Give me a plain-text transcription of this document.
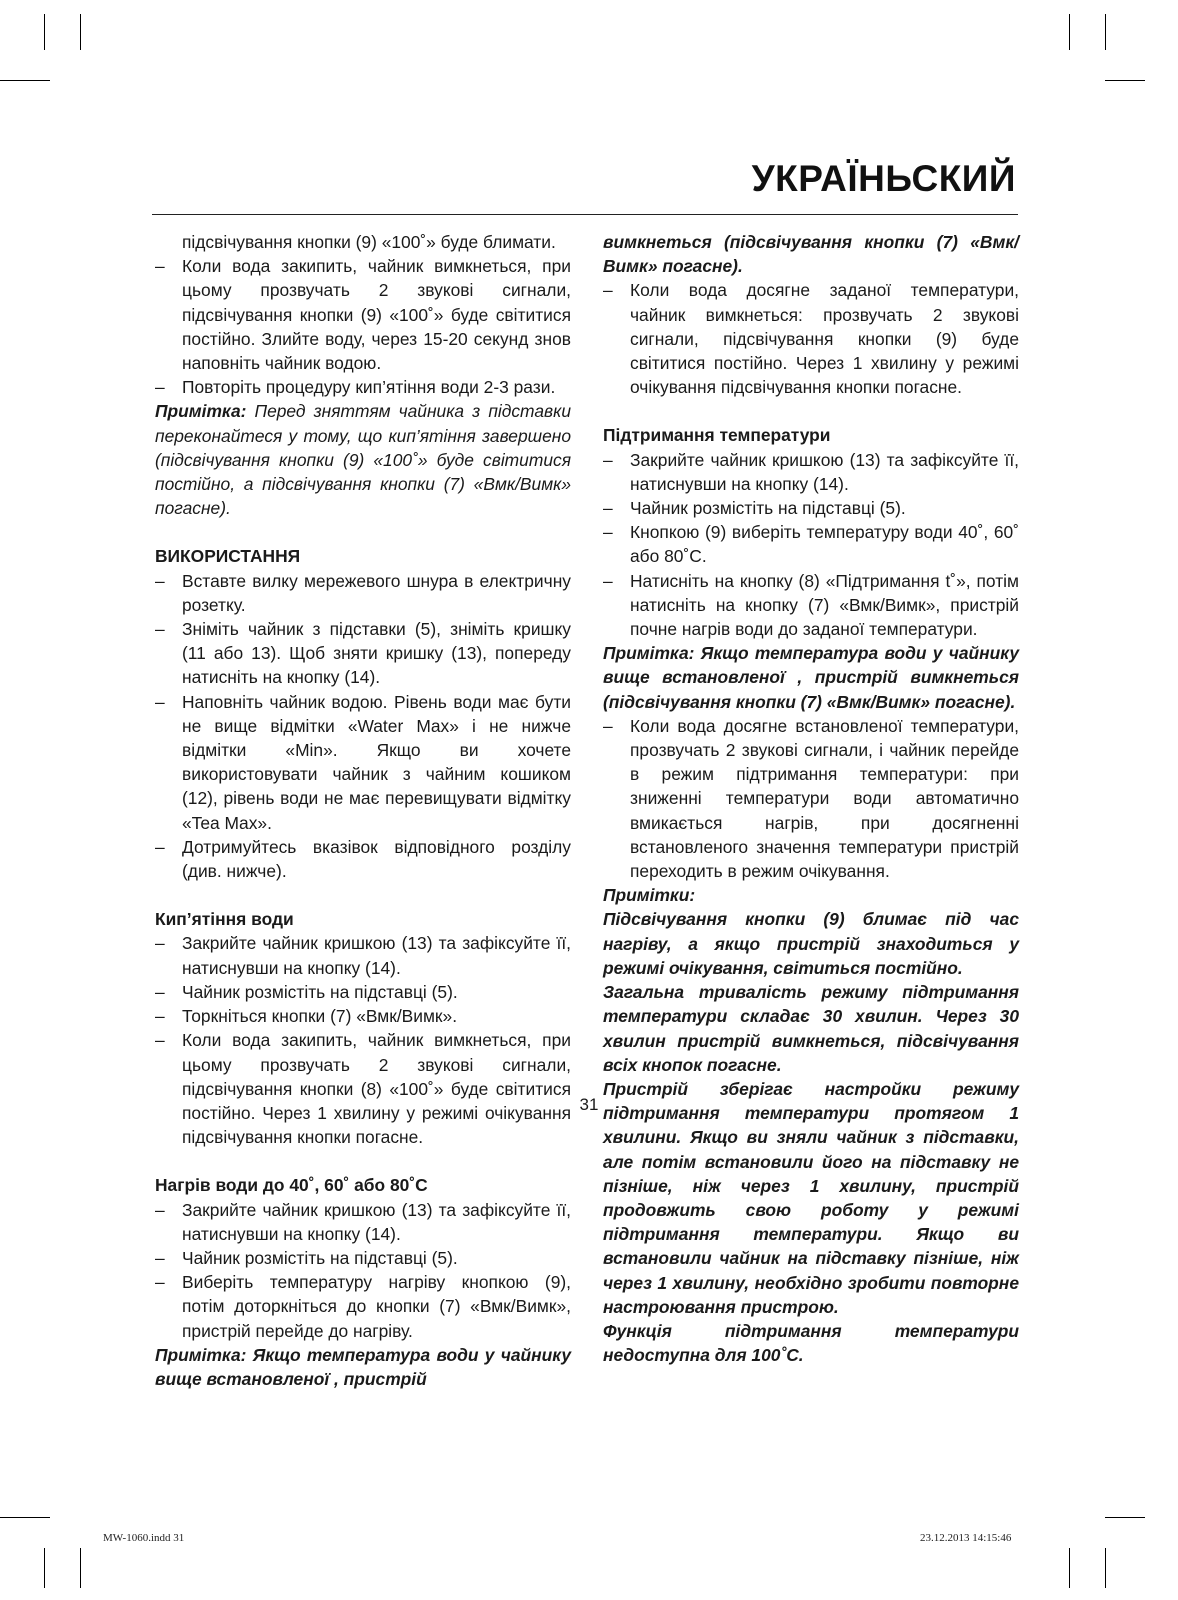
УКРАЇНЬСКИЙ

підсвічування кнопки (9) «100˚» буде блимати.

– Коли вода закипить, чайник вимкнеться, при цьому прозвучать 2 звукові сигнали, підсвічування кнопки (9) «100˚» буде світитися постійно. Злийте воду, через 15-20 секунд знов наповніть чайник водою.

– Повторіть процедуру кип’ятіння води 2-3 рази.

Примітка: Перед зняттям чайника з підставки переконайтеся у тому, що кип’ятіння завершено (підсвічування кнопки (9) «100˚» буде світитися постійно, а підсвічування кнопки (7) «Вмк/Вимк» погасне).

ВИКОРИСТАННЯ

– Вставте вилку мережевого шнура в електричну розетку.

– Зніміть чайник з підставки (5), зніміть кришку (11 або 13). Щоб зняти кришку (13), попереду натисніть на кнопку (14).

– Наповніть чайник водою. Рівень води має бути не вище відмітки «Water Max» і не нижче відмітки «Min». Якщо ви хочете використовувати чайник з чайним кошиком (12), рівень води не має перевищувати відмітку «Tea Max».

– Дотримуйтесь вказівок відповідного розділу (див. нижче).

Кип’ятіння води

– Закрийте чайник кришкою (13) та зафіксуйте її, натиснувши на кнопку (14).

– Чайник розмістіть на підставці (5).

– Торкніться кнопки (7) «Вмк/Вимк».

– Коли вода закипить, чайник вимкнеться, при цьому прозвучать 2 звукові сигнали, підсвічування кнопки (8) «100˚» буде світитися постійно. Через 1 хвилину у режимі очікування підсвічування кнопки погасне.

Нагрів води до 40˚, 60˚ або 80˚С

– Закрийте чайник кришкою (13) та зафіксуйте її, натиснувши на кнопку (14).

– Чайник розмістіть на підставці (5).

– Виберіть температуру нагріву кнопкою (9), потім доторкніться до кнопки (7) «Вмк/Вимк», пристрій перейде до нагріву.

Примітка: Якщо температура води у чайнику вище встановленої , пристрій

вимкнеться (підсвічування кнопки (7) «Вмк/Вимк» погасне).

– Коли вода досягне заданої температури, чайник вимкнеться: прозвучать 2 звукові сигнали, підсвічування кнопки (9) буде світитися постійно. Через 1 хвилину у режимі очікування підсвічування кнопки погасне.

Підтримання температури

– Закрийте чайник кришкою (13) та зафіксуйте її, натиснувши на кнопку (14).

– Чайник розмістіть на підставці (5).

– Кнопкою (9) виберіть температуру води 40˚, 60˚ або 80˚С.

– Натисніть на кнопку (8) «Підтримання t˚», потім натисніть на кнопку (7) «Вмк/Вимк», пристрій почне нагрів води до заданої температури.

Примітка: Якщо температура води у чайнику вище встановленої , пристрій вимкнеться (підсвічування кнопки (7) «Вмк/Вимк» погасне).

– Коли вода досягне встановленої температури, прозвучать 2 звукові сигнали, і чайник перейде в режим підтримання температури: при зниженні температури води автоматично вмикається нагрів, при досягненні встановленого значення температури пристрій переходить в режим очікування.

Примітки:

Підсвічування кнопки (9) блимає під час нагріву, а якщо пристрій знаходиться у режимі очікування, світиться постійно.

Загальна тривалість режиму підтримання температури складає 30 хвилин. Через 30 хвилин пристрій вимкнеться, підсвічування всіх кнопок погасне.

Пристрій зберігає настройки режиму підтримання температури протягом 1 хвилини. Якщо ви зняли чайник з підставки, але потім встановили його на підставку не пізніше, ніж через 1 хвилину, пристрій продовжить свою роботу у режимі підтримання температури. Якщо ви встановили чайник на підставку пізніше, ніж через 1 хвилину, необхідно зробити повторне настроювання пристрою.

Функція підтримання температури недоступна для 100˚С.

31
MW-1060.indd 31	23.12.2013 14:15:46
